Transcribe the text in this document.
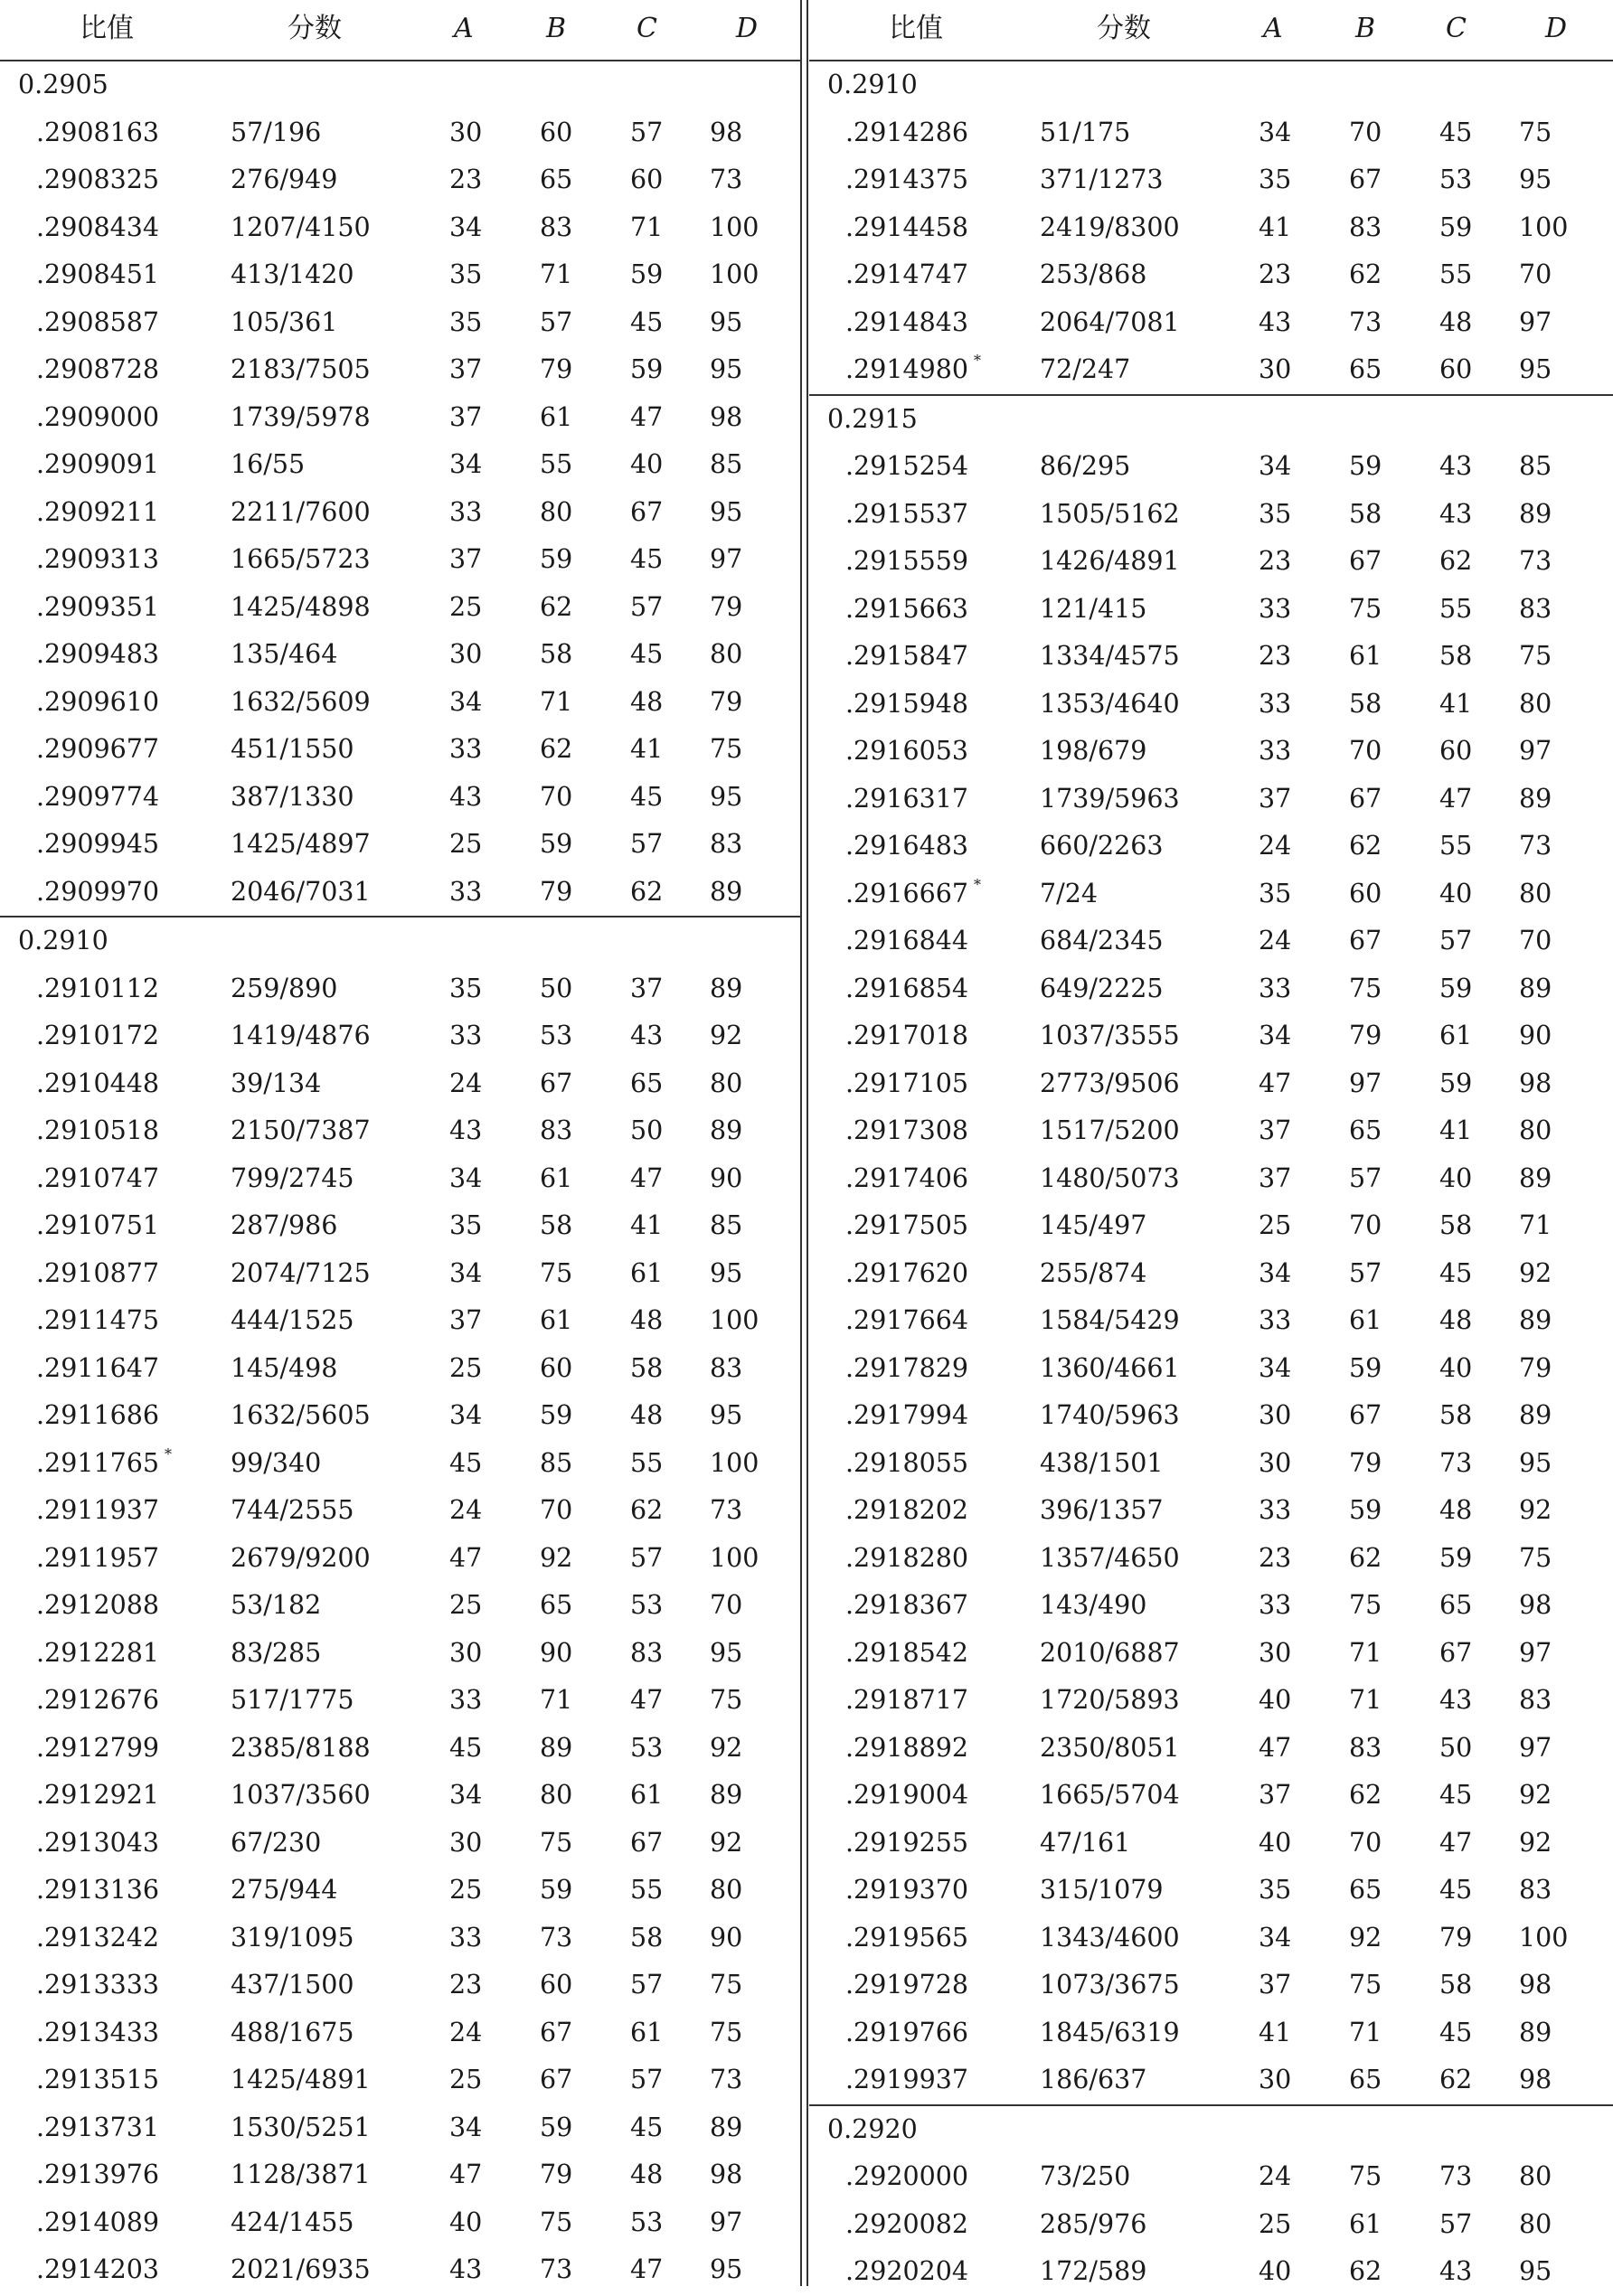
比值	分数	A	B	C	D
0.2905
.2908163	57/196	30 60 57 98
.2908325	276/949	23 65 60 73
.2908434	1207/4150	34 83 71 100
.2908451	413/1420	35 71 59 100
.2908587	105/361	35 57 45 95
.2908728	2183/7505	37 79 59 95
.2909000	1739/5978	37 61 47 98
.2909091	16/55	34 55 40 85
.2909211	2211/7600	33 80 67 95
.2909313	1665/5723	37 59 45 97
.2909351	1425/4898	25 62 57 79
.2909483	135/464	30 58 45 80
.2909610	1632/5609	34 71 48 79
.2909677	451/1550	33 62 41 75
.2909774	387/1330	43 70 45 95
.2909945	1425/4897	25 59 57 83
.2909970	2046/7031	33 79 62 89
0.2910
.2910112	259/890	35 50 37 89
.2910172	1419/4876	33 53 43 92
.2910448	39/134	24 67 65 80
.2910518	2150/7387	43 83 50 89
.2910747	799/2745	34 61 47 90
.2910751	287/986	35 58 41 85
.2910877	2074/7125	34 75 61 95
.2911475	444/1525	37 61 48 100
.2911647	145/498	25 60 58 83
.2911686	1632/5605	34 59 48 95
.2911765 * 99/340	45 85 55 100
.2911937	744/2555	24 70 62 73
.2911957	2679/9200	47 92 57 100
.2912088	53/182	25 65 53 70
.2912281	83/285	30 90 83 95
.2912676	517/1775	33 71 47 75
.2912799	2385/8188	45 89 53 92
.2912921	1037/3560	34 80 61 89
.2913043	67/230	30 75 67 92
.2913136	275/944	25 59 55 80
.2913242	319/1095	33 73 58 90
.2913333	437/1500	23 60 57 75
.2913433	488/1675	24 67 61 75
.2913515	1425/4891	25 67 57 73
.2913731	1530/5251	34 59 45 89
.2913976	1128/3871	47 79 48 98
.2914089	424/1455	40 75 53 97
.2914203	2021/6935	43 73 47 95
比值	分数	A	B	C	D
0.2910
.2914286	51/175	34 70 45 75
.2914375	371/1273	35 67 53 95
.2914458	2419/8300	41 83 59 100
.2914747	253/868	23 62 55 70
.2914843	2064/7081	43 73 48 97
.2914980 * 72/247	30 65 60 95
0.2915
.2915254	86/295	34 59 43 85
.2915537	1505/5162	35 58 43 89
.2915559	1426/4891	23 67 62 73
.2915663	121/415	33 75 55 83
.2915847	1334/4575	23 61 58 75
.2915948	1353/4640	33 58 41 80
.2916053	198/679	33 70 60 97
.2916317	1739/5963	37 67 47 89
.2916483	660/2263	24 62 55 73
.2916667 * 7/24	35 60 40 80
.2916844	684/2345	24 67 57 70
.2916854	649/2225	33 75 59 89
.2917018	1037/3555	34 79 61 90
.2917105	2773/9506	47 97 59 98
.2917308	1517/5200	37 65 41 80
.2917406	1480/5073	37 57 40 89
.2917505	145/497	25 70 58 71
.2917620	255/874	34 57 45 92
.2917664	1584/5429	33 61 48 89
.2917829	1360/4661	34 59 40 79
.2917994	1740/5963	30 67 58 89
.2918055	438/1501	30 79 73 95
.2918202	396/1357	33 59 48 92
.2918280	1357/4650	23 62 59 75
.2918367	143/490	33 75 65 98
.2918542	2010/6887	30 71 67 97
.2918717	1720/5893	40 71 43 83
.2918892	2350/8051	47 83 50 97
.2919004	1665/5704	37 62 45 92
.2919255	47/161	40 70 47 92
.2919370	315/1079	35 65 45 83
.2919565	1343/4600	34 92 79 100
.2919728	1073/3675	37 75 58 98
.2919766	1845/6319	41 71 45 89
.2919937	186/637	30 65 62 98
0.2920
.2920000	73/250	24 75 73 80
.2920082	285/976	25 61 57 80
.2920204	172/589	40 62 43 95
